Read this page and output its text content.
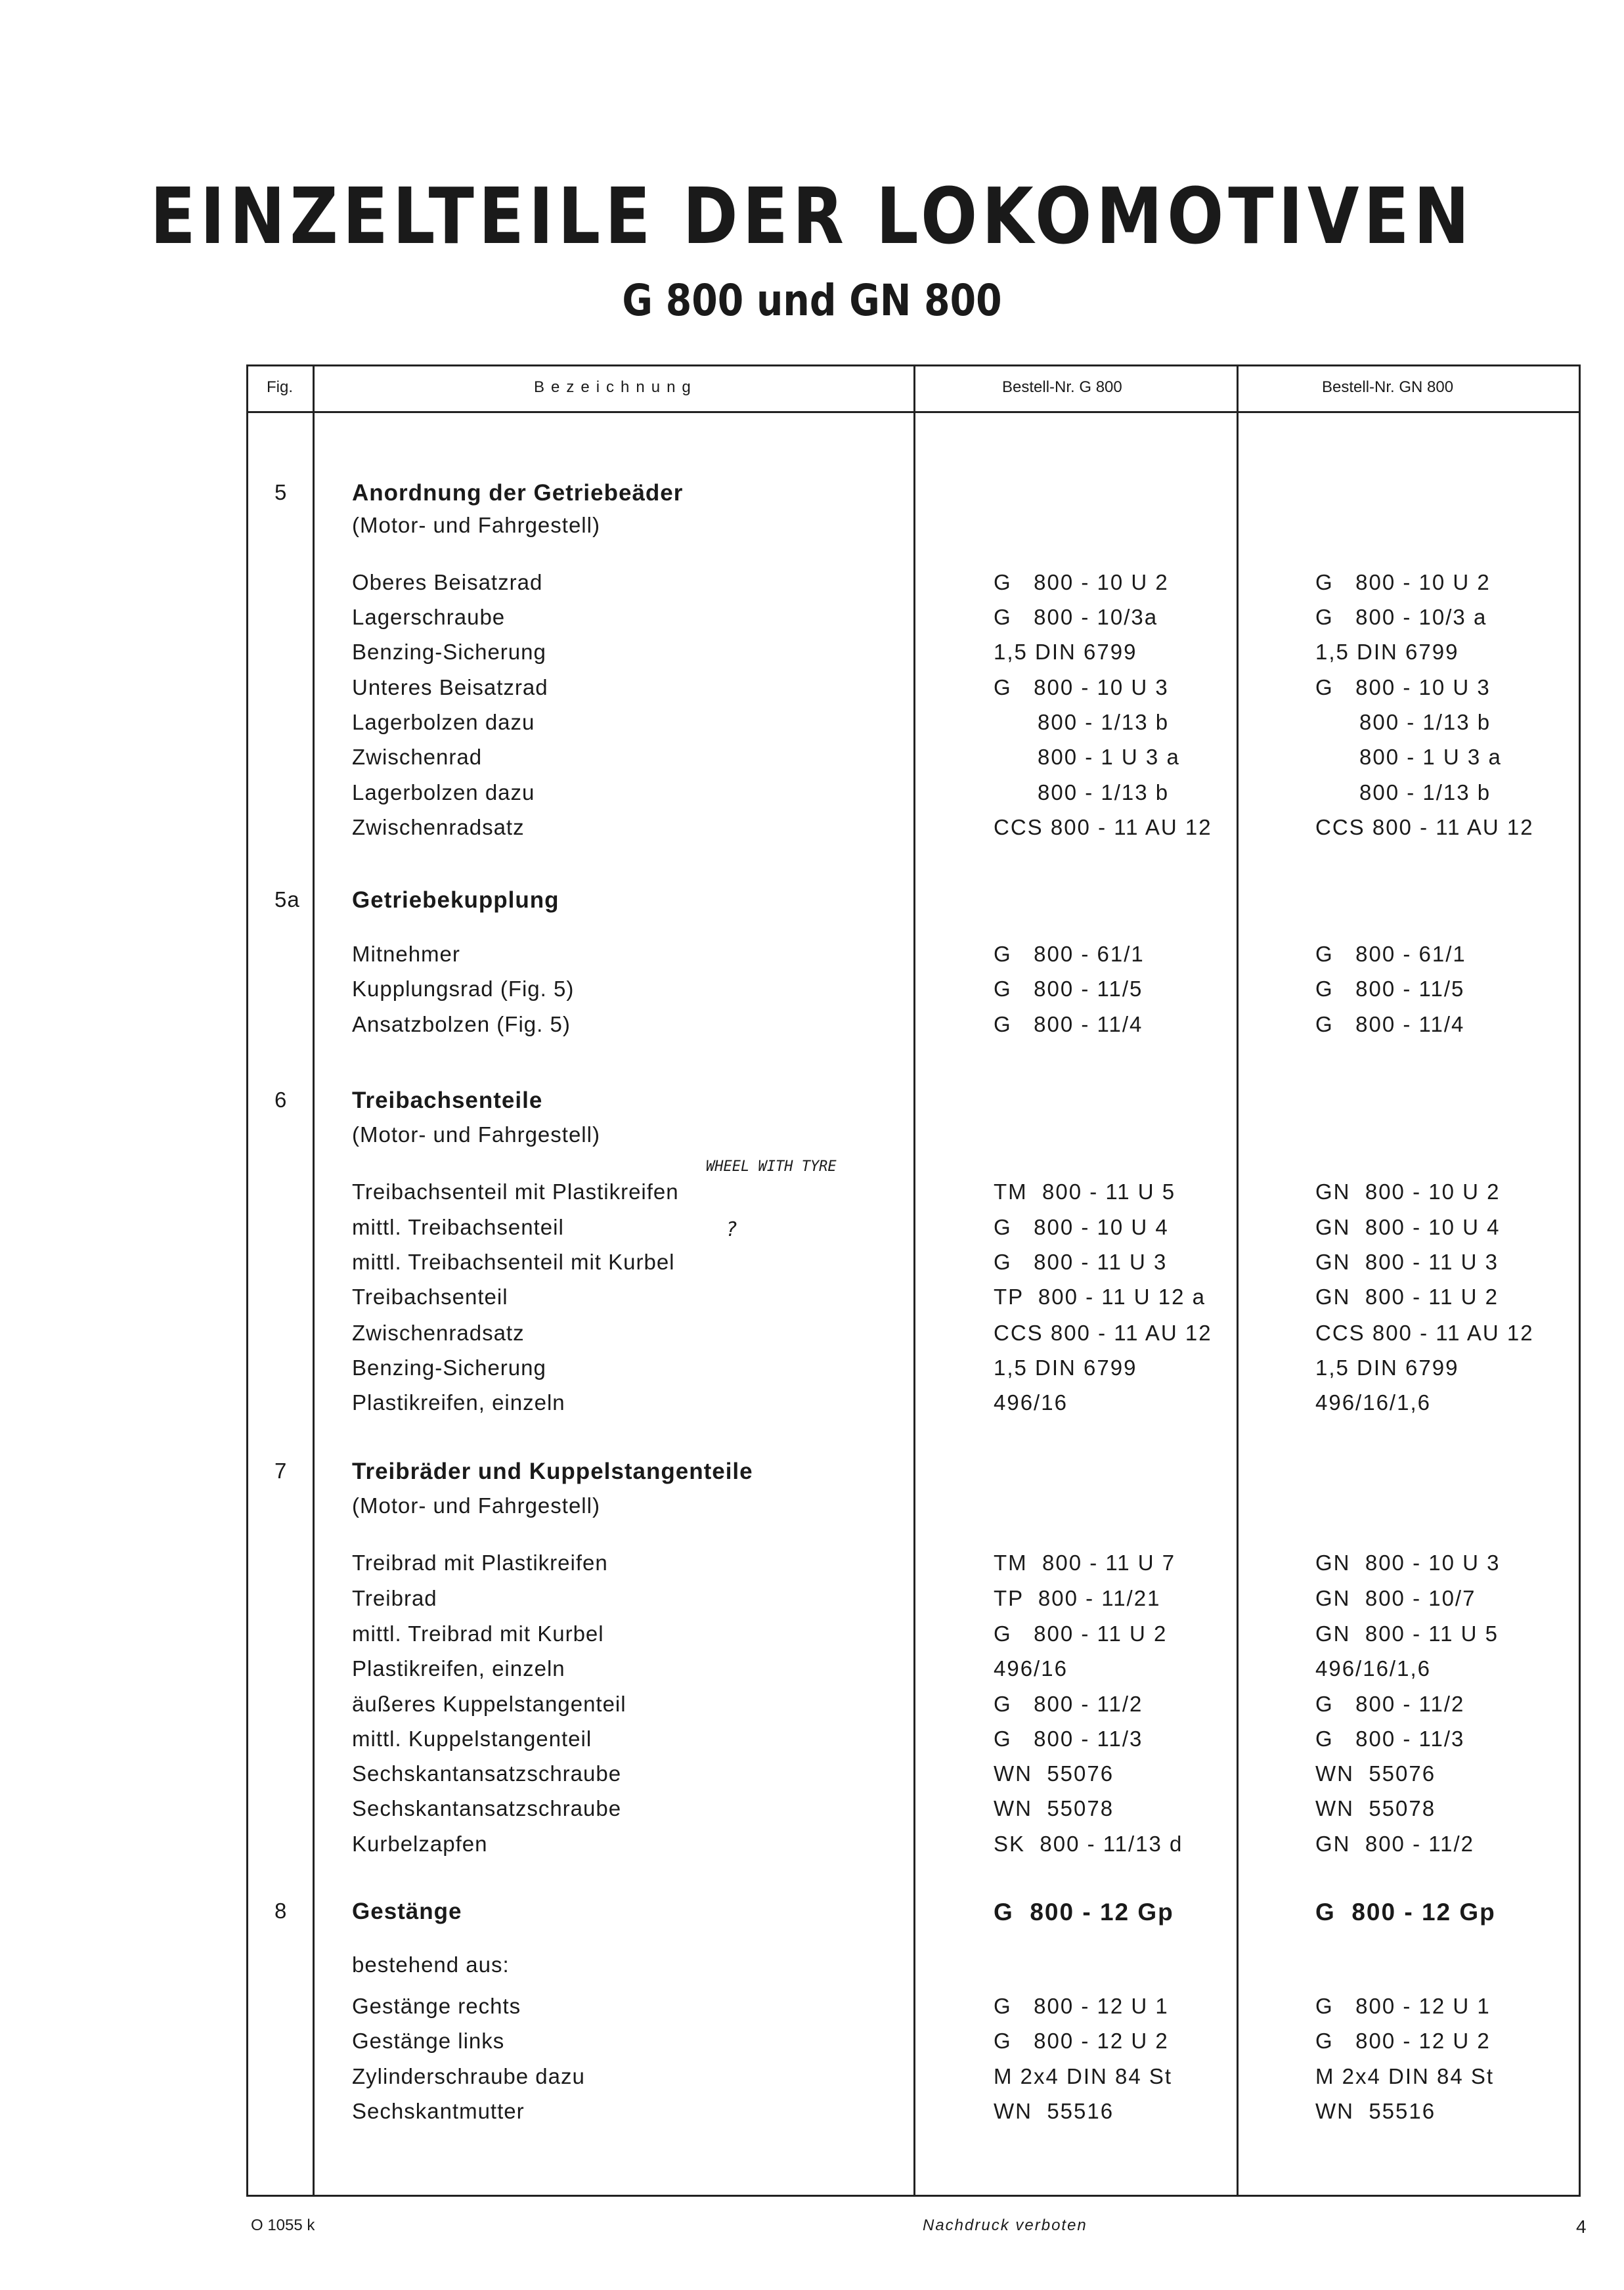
EINZELTEILE DER LOKOMOTIVEN
G 800 und GN 800
Fig.	Bezeichnung	Bestell-Nr. G 800	Bestell-Nr. GN 800
5	Anordnung der Getriebeäder
(Motor- und Fahrgestell)
Oberes Beisatzrad	G   800 - 10 U 2	G   800 - 10 U 2
Lagerschraube	G   800 - 10/3a	G   800 - 10/3 a
Benzing-Sicherung	1,5 DIN 6799	1,5 DIN 6799
Unteres Beisatzrad	G   800 - 10 U 3	G   800 - 10 U 3
Lagerbolzen dazu	800 - 1/13 b	800 - 1/13 b
Zwischenrad	800 - 1 U 3 a	800 - 1 U 3 a
Lagerbolzen dazu	800 - 1/13 b	800 - 1/13 b
Zwischenradsatz	CCS 800 - 11 AU 12	CCS 800 - 11 AU 12
5a Getriebekupplung
Mitnehmer	G   800 - 61/1	G   800 - 61/1
Kupplungsrad (Fig. 5)	G   800 - 11/5	G   800 - 11/5
Ansatzbolzen (Fig. 5)	G   800 - 11/4	G   800 - 11/4
6	Treibachsenteile
(Motor- und Fahrgestell)
Treibachsenteil mit Plastikreifen	TM  800 - 11 U 5	GN  800 - 10 U 2
mittl. Treibachsenteil	G   800 - 10 U 4	GN  800 - 10 U 4
mittl. Treibachsenteil mit Kurbel	G   800 - 11 U 3	GN  800 - 11 U 3
Treibachsenteil	TP  800 - 11 U 12 a	GN  800 - 11 U 2
Zwischenradsatz	CCS 800 - 11 AU 12	CCS 800 - 11 AU 12
Benzing-Sicherung	1,5 DIN 6799	1,5 DIN 6799
Plastikreifen, einzeln	496/16	496/16/1,6
7	Treibräder und Kuppelstangenteile
(Motor- und Fahrgestell)
Treibrad mit Plastikreifen	TM  800 - 11 U 7	GN  800 - 10 U 3
Treibrad	TP  800 - 11/21	GN  800 - 10/7
mittl. Treibrad mit Kurbel	G   800 - 11 U 2	GN  800 - 11 U 5
Plastikreifen, einzeln	496/16	496/16/1,6
äußeres Kuppelstangenteil	G   800 - 11/2	G   800 - 11/2
mittl. Kuppelstangenteil	G   800 - 11/3	G   800 - 11/3
Sechskantansatzschraube	WN  55076	WN  55076
Sechskantansatzschraube	WN  55078	WN  55078
Kurbelzapfen	SK  800 - 11/13 d	GN  800 - 11/2
8	Gestänge	G  800 - 12 Gp	G  800 - 12 Gp
bestehend aus:
Gestänge rechts	G   800 - 12 U 1	G   800 - 12 U 1
Gestänge links	G   800 - 12 U 2	G   800 - 12 U 2
Zylinderschraube dazu	M 2x4 DIN 84 St	M 2x4 DIN 84 St
Sechskantmutter	WN  55516	WN  55516
WHEEL WITH TYRE
?
O 1055 k	Nachdruck verboten	4
